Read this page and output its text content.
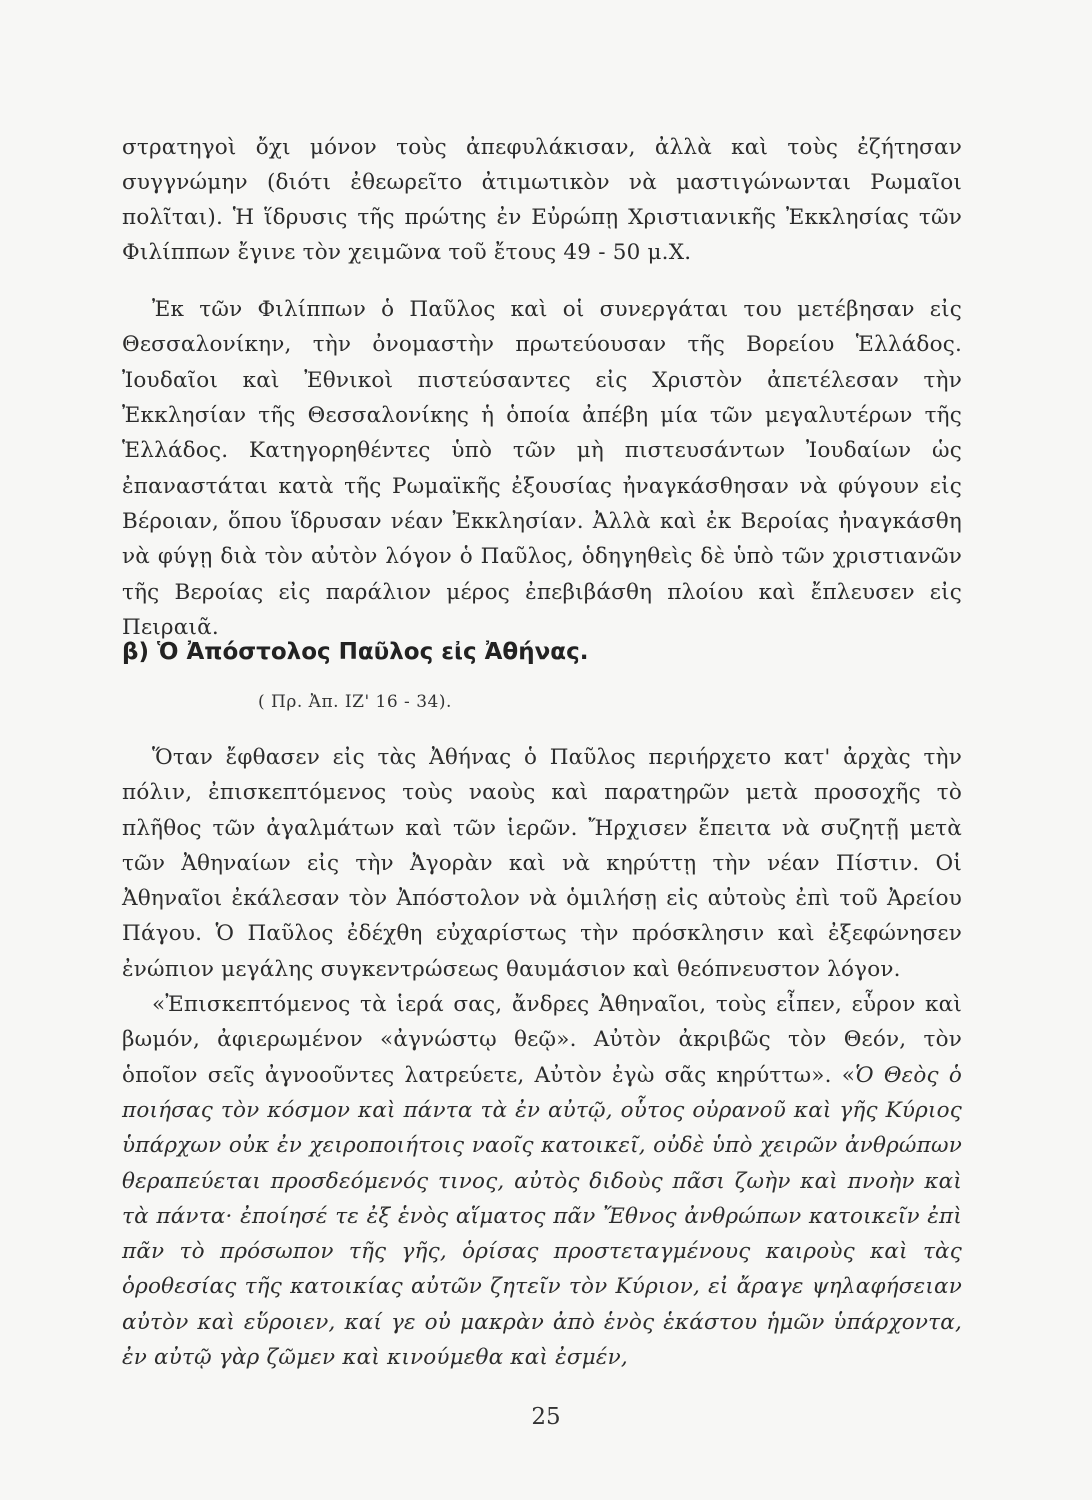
στρατηγοὶ ὄχι μόνον τοὺς ἀπεφυλάκισαν, ἀλλὰ καὶ τοὺς ἐζήτησαν συγγνώμην (διότι ἐθεωρεῖτο ἀτιμωτικὸν νὰ μαστιγώνωνται Ρωμαῖοι πολῖται). Ἡ ἵδρυσις τῆς πρώτης ἐν Εὐρώπῃ Χριστιανικῆς Ἐκκλησίας τῶν Φιλίππων ἔγινε τὸν χειμῶνα τοῦ ἔτους 49 - 50 μ.Χ.

Ἐκ τῶν Φιλίππων ὁ Παῦλος καὶ οἱ συνεργάται του μετέβησαν εἰς Θεσσαλονίκην, τὴν ὀνομαστὴν πρωτεύουσαν τῆς Βορείου Ἑλλάδος. Ἰουδαῖοι καὶ Ἐθνικοὶ πιστεύσαντες εἰς Χριστὸν ἀπετέλεσαν τὴν Ἐκκλησίαν τῆς Θεσσαλονίκης ἡ ὁποία ἀπέβη μία τῶν μεγαλυτέρων τῆς Ἑλλάδος. Κατηγορηθέντες ὑπὸ τῶν μὴ πιστευσάντων Ἰουδαίων ὡς ἐπαναστάται κατὰ τῆς Ρωμαϊκῆς ἐξουσίας ἠναγκάσθησαν νὰ φύγουν εἰς Βέροιαν, ὅπου ἵδρυσαν νέαν Ἐκκλησίαν. Ἀλλὰ καὶ ἐκ Βεροίας ἠναγκάσθη νὰ φύγῃ διὰ τὸν αὐτὸν λόγον ὁ Παῦλος, ὁδηγηθεὶς δὲ ὑπὸ τῶν χριστιανῶν τῆς Βεροίας εἰς παράλιον μέρος ἐπεβιβάσθη πλοίου καὶ ἔπλευσεν εἰς Πειραιᾶ.

β) Ὁ Ἀπόστολος Παῦλος εἰς Ἀθήνας.
( Πρ. Ἀπ. ΙΖ' 16 - 34).

Ὅταν ἔφθασεν εἰς τὰς Ἀθήνας ὁ Παῦλος περιήρχετο κατ' ἀρχὰς τὴν πόλιν, ἐπισκεπτόμενος τοὺς ναοὺς καὶ παρατηρῶν μετὰ προσοχῆς τὸ πλῆθος τῶν ἀγαλμάτων καὶ τῶν ἱερῶν. Ἤρχισεν ἔπειτα νὰ συζητῇ μετὰ τῶν Ἀθηναίων εἰς τὴν Ἀγορὰν καὶ νὰ κηρύττῃ τὴν νέαν Πίστιν. Οἱ Ἀθηναῖοι ἐκάλεσαν τὸν Ἀπόστολον νὰ ὁμιλήσῃ εἰς αὐτοὺς ἐπὶ τοῦ Ἀρείου Πάγου. Ὁ Παῦλος ἐδέχθη εὐχαρίστως τὴν πρόσκλησιν καὶ ἐξεφώνησεν ἐνώπιον μεγάλης συγκεντρώσεως θαυμάσιον καὶ θεόπνευστον λόγον.

«Ἐπισκεπτόμενος τὰ ἱερά σας, ἄνδρες Ἀθηναῖοι, τοὺς εἶπεν, εὗρον καὶ βωμόν, ἀφιερωμένον «ἀγνώστῳ θεῷ». Αὐτὸν ἀκριβῶς τὸν Θεόν, τὸν ὁποῖον σεῖς ἀγνοοῦντες λατρεύετε, Αὐτὸν ἐγὼ σᾶς κηρύττω». «Ὁ Θεὸς ὁ ποιήσας τὸν κόσμον καὶ πάντα τὰ ἐν αὐτῷ, οὗτος οὐρανοῦ καὶ γῆς Κύριος ὑπάρχων οὐκ ἐν χειροποιήτοις ναοῖς κατοικεῖ, οὐδὲ ὑπὸ χειρῶν ἀνθρώπων θεραπεύεται προσδεόμενός τινος, αὐτὸς διδοὺς πᾶσι ζωὴν καὶ πνοὴν καὶ τὰ πάντα· ἐποίησέ τε ἐξ ἑνὸς αἵματος πᾶν Ἔθνος ἀνθρώπων κατοικεῖν ἐπὶ πᾶν τὸ πρόσωπον τῆς γῆς, ὁρίσας προστεταγμένους καιροὺς καὶ τὰς ὁροθεσίας τῆς κατοικίας αὐτῶν ζητεῖν τὸν Κύριον, εἰ ἄραγε ψηλαφήσειαν αὐτὸν καὶ εὕροιεν, καί γε οὐ μακρὰν ἀπὸ ἑνὸς ἑκάστου ἡμῶν ὑπάρχοντα, ἐν αὐτῷ γὰρ ζῶμεν καὶ κινούμεθα καὶ ἐσμέν,

25
